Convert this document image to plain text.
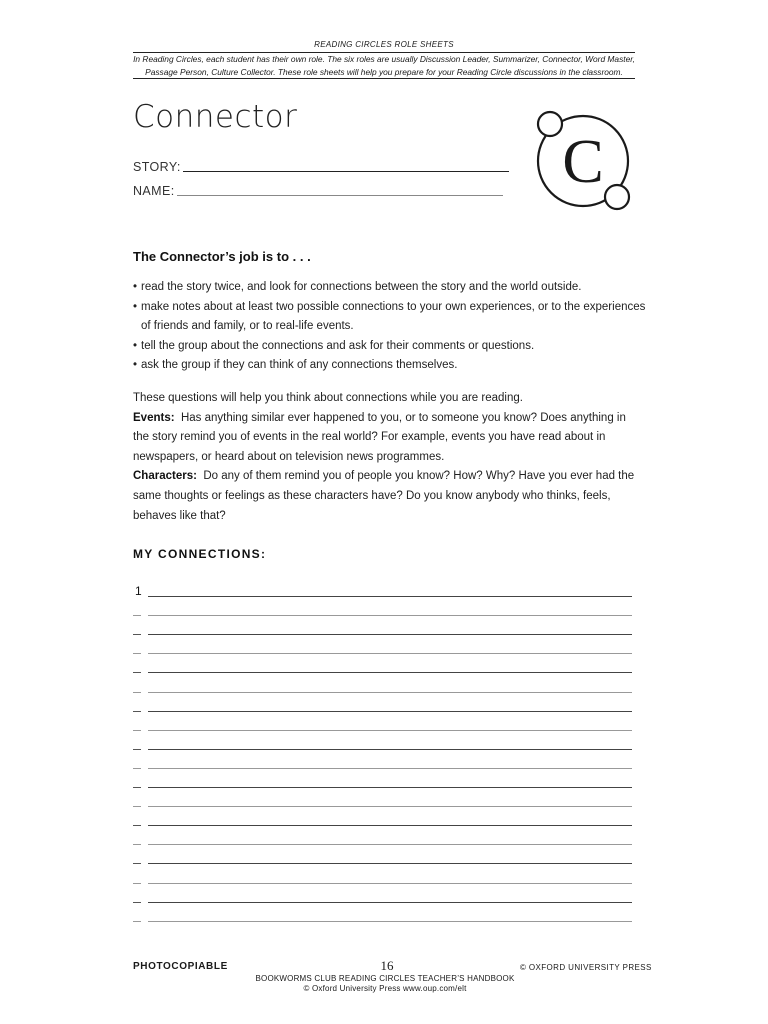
READING CIRCLES ROLE SHEETS
In Reading Circles, each student has their own role. The six roles are usually Discussion Leader, Summarizer, Connector, Word Master,
Passage Person, Culture Collector. These role sheets will help you prepare for your Reading Circle discussions in the classroom.
Connector
STORY:
NAME:	C
The Connector’s job is to . . .
• read the story twice, and look for connections between the story and the world outside.
• make notes about at least two possible connections to your own experiences, or to the experiences of friends and family, or to real-life events.
• tell the group about the connections and ask for their comments or questions.
• ask the group if they can think of any connections themselves.
These questions will help you think about connections while you are reading.
Events: Has anything similar ever happened to you, or to someone you know? Does anything in the story remind you of events in the real world? For example, events you have read about in newspapers, or heard about on television news programmes.
Characters: Do any of them remind you of people you know? How? Why? Have you ever had the same thoughts or feelings as these characters have? Do you know anybody who thinks, feels, behaves like that?
MY CONNECTIONS:
1
PHOTOCOPIABLE	16	© OXFORD UNIVERSITY PRESS
BOOKWORMS CLUB READING CIRCLES TEACHER’S HANDBOOK
© Oxford University Press www.oup.com/elt
